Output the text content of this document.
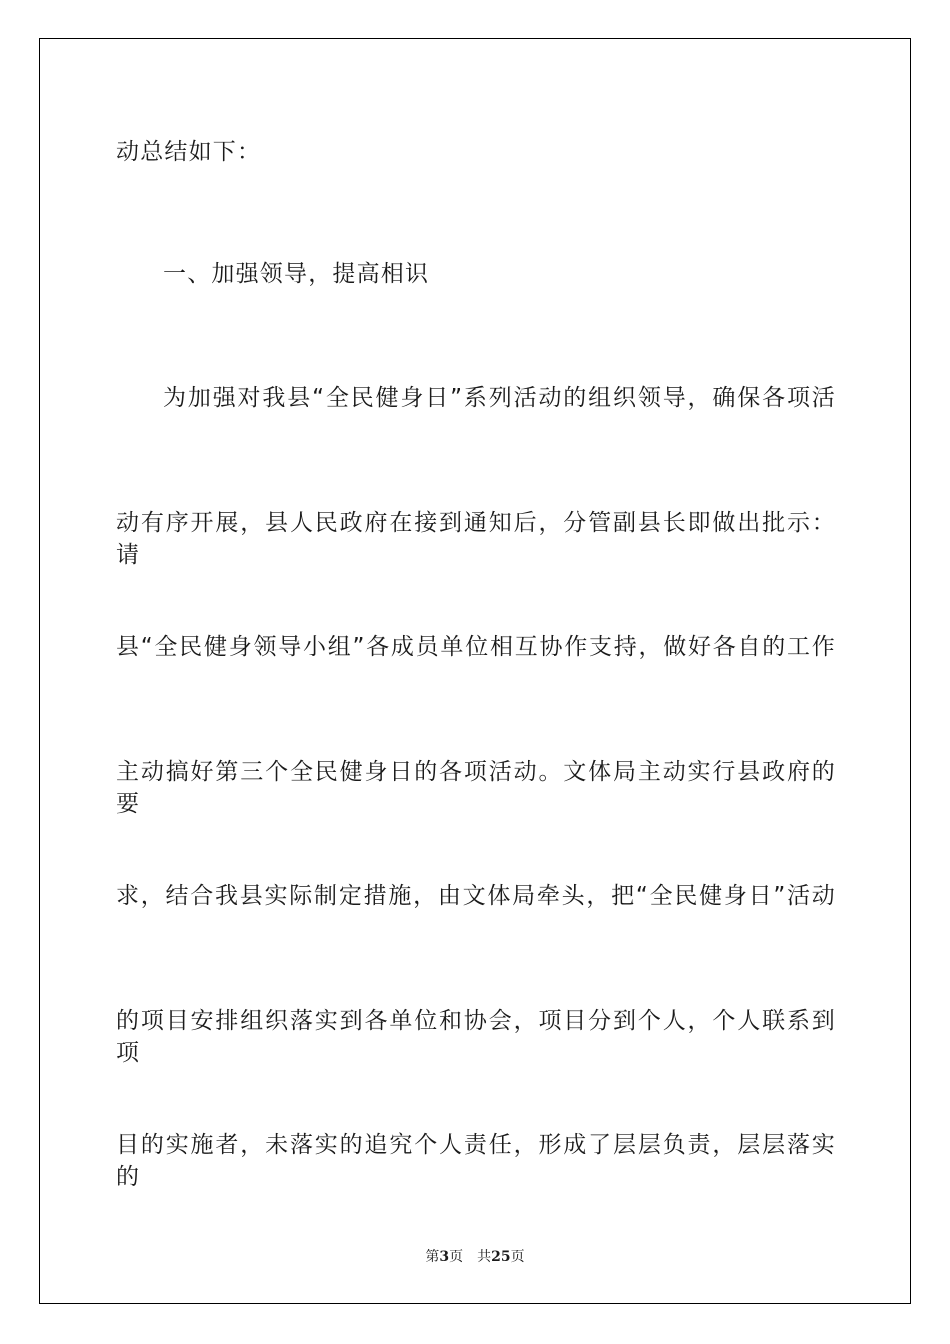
动总结如下：
一、加强领导，提高相识
为加强对我县“全民健身日”系列活动的组织领导，确保各项活
动有序开展，县人民政府在接到通知后，分管副县长即做出批示：请
县“全民健身领导小组”各成员单位相互协作支持，做好各自的工作
主动搞好第三个全民健身日的各项活动。文体局主动实行县政府的要
求，结合我县实际制定措施，由文体局牵头，把“全民健身日”活动
的项目安排组织落实到各单位和协会，项目分到个人，个人联系到项
目的实施者，未落实的追究个人责任，形成了层层负责，层层落实的
第3页 共25页
